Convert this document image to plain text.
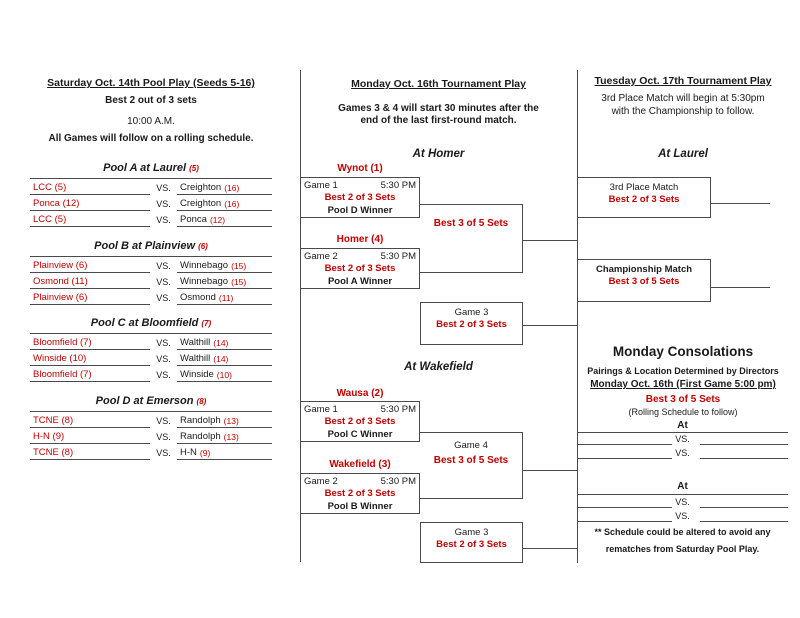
Saturday Oct. 14th Pool Play (Seeds 5-16)
Best 2 out of 3 sets
10:00 A.M.
All Games will follow on a rolling schedule.
Pool A at Laurel (5)
LCC (5)	VS. Creighton (16)
Ponca (12)	VS. Creighton (16)
LCC (5)	VS. Ponca (12)
Pool B at Plainview (6)
Plainview (6)	VS. Winnebago (15)
Osmond (11)	VS. Winnebago (15)
Plainview (6)	VS. Osmond (11)
Pool C at Bloomfield (7)
Bloomfield (7)	VS. Walthill (14)
Winside (10)	VS. Walthill (14)
Bloomfield (7)	VS. Winside (10)
Pool D at Emerson (8)
TCNE (8)	VS. Randolph (13)
H-N (9)	VS. Randolph (13)
TCNE (8)	VS. H-N (9)
Monday Oct. 16th Tournament Play
Games 3 & 4 will start 30 minutes after the
end of the last first-round match.
At Homer
Wynot (1)
Game 1	5:30 PM
Best 2 of 3 Sets
Pool D Winner
Homer (4)
Game 2	5:30 PM
Best 2 of 3 Sets
Pool A Winner
Best 3 of 5 Sets
Game 3
Best 2 of 3 Sets
At Wakefield
Wausa (2)
Game 1	5:30 PM
Best 2 of 3 Sets
Pool C Winner
Wakefield (3)
Game 2	5:30 PM
Best 2 of 3 Sets
Pool B Winner
Game 4
Best 3 of 5 Sets
Game 3
Best 2 of 3 Sets
Tuesday Oct. 17th Tournament Play
3rd Place Match will begin at 5:30pm
with the Championship to follow.
At Laurel
3rd Place Match
Best 2 of 3 Sets
Championship Match
Best 3 of 5 Sets
Monday Consolations
Pairings & Location Determined by Directors
Monday Oct. 16th (First Game 5:00 pm)
Best 3 of 5 Sets
(Rolling Schedule to follow)
At
VS.
VS.
At
VS.
VS.
** Schedule could be altered to avoid any
rematches from Saturday Pool Play.
